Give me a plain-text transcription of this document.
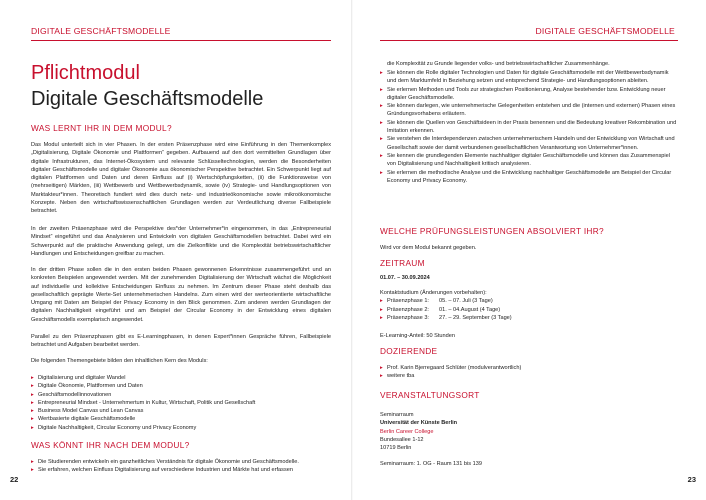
DIGITALE GESCHÄFTSMODELLE
Pflichtmodul
Digitale Geschäftsmodelle
WAS LERNT IHR IN DEM MODUL?

Das Modul unterteilt sich in vier Phasen. In der ersten Präsenzphase wird eine Einführung in den Themenkomplex „Digitalisierung, Digitale Ökonomie und Plattformen“ gegeben. Aufbauend auf den dort vermittelten Grundlagen über digitale Infrastrukturen, das Internet-Ökosystem und relevante Schlüsseltechnologien, werden die Besonderheiten digitaler Geschäftsmodelle und digitaler Ökonomie aus ökonomischer Perspektive betrachtet. Ein Schwerpunkt liegt auf digitalen Plattformen und Daten und deren Einfluss auf (i) Wertschöpfungsketten, (ii) die Funktionsweise von (mehrseitigen) Märkten, (iii) Wettbewerb und Wettbewerbsdynamik, sowie (iv) Strategie- und Handlungsoptionen von Marktakteur*innen. Theoretisch fundiert wird dies durch netz- und industrieökonomische sowie mikroökonomische Konzepte. Neben den wirtschaftswissenschaftlichen Grundlagen werden zur Verdeutlichung diverse Fallbeispiele betrachtet.

In der zweiten Präsenzphase wird die Perspektive des*der Unternehmer*in eingenommen, in das „Entrepreneurial Mindset“ eingeführt und das Analysieren und Entwickeln von digitalen Geschäftsmodellen betrachtet. Dabei wird ein Schwerpunkt auf die praktische Anwendung gelegt, um die Zielkonflikte und die Komplexität betriebswirtschaftlicher Handlungen und Entscheidungen greifbar zu machen.

In der dritten Phase sollen die in den ersten beiden Phasen gewonnenen Erkenntnisse zusammengeführt und an konkreten Beispielen angewendet werden. Mit der zunehmenden Digitalisierung der Wirtschaft wächst die Möglichkeit auf individuelle und kollektive Entscheidungen Einfluss zu nehmen. Im Zentrum dieser Phase steht deshalb das gesellschaftlich geprägte Werte-Set unternehmerischen Handelns. Zum einen wird der werteorientierte wirtschaftliche Umgang mit Daten am Beispiel der Privacy Economy in den Blick genommen. Zum anderen werden Grundlagen der digitalen Nachhaltigkeit eingeführt und am Beispiel der Circular Economy in der Entwicklung eines digitalen Geschäftsmodells exemplarisch angewendet.

Parallel zu den Präsenzphasen gibt es E-Learningphasen, in denen Expert*innen Gespräche führen, Fallbeispiele betrachtet und Aufgaben bearbeitet werden.

Die folgenden Themengebiete bilden den inhaltlichen Kern des Moduls:

▸ Digitalisierung und digitaler Wandel
▸ Digitale Ökonomie, Plattformen und Daten
▸ Geschäftsmodellinnovationen
▸ Entrepreneurial Mindset - Unternehmertum in Kultur, Wirtschaft, Politik und Gesellschaft
▸ Business Model Canvas und Lean Canvas
▸ Wertbasierte digitale Geschäftsmodelle
▸ Digitale Nachhaltigkeit, Circular Economy und Privacy Economy
WAS KÖNNT IHR NACH DEM MODUL?
▸ Die Studierenden entwickeln ein ganzheitliches Verständnis für digitale Ökonomie und Geschäftsmodelle.
▸ Sie erfahren, welchen Einfluss Digitalisierung auf verschiedene Industrien und Märkte hat und erfassen
22
DIGITALE GESCHÄFTSMODELLE
die Komplexität zu Grunde liegender volks- und betriebswirtschaftlicher Zusammenhänge.
▸ Sie können die Rolle digitaler Technologien und Daten für digitale Geschäftsmodelle mit der Wettbewerbsdynamik und dem Marktumfeld in Beziehung setzen und entsprechend Strategie- und Handlungsoptionen ableiten.
▸ Sie erlernen Methoden und Tools zur strategischen Positionierung, Analyse bestehender bzw. Entwicklung neuer digitaler Geschäftsmodelle.
▸ Sie können darlegen, wie unternehmerische Gelegenheiten entstehen und die (internen und externen) Phasen eines Gründungsvorhabens erläutern.
▸ Sie können die Quellen von Geschäftsideen in der Praxis benennen und die Bedeutung kreativer Rekombination und Imitation erkennen.
▸ Sie verstehen die Interdependenzen zwischen unternehmerischem Handeln und der Entwicklung von Wirtschaft und Gesellschaft sowie der damit verbundenen gesellschaftlichen Verantwortung von Unternehmer*innen.
▸ Sie kennen die grundlegenden Elemente nachhaltiger digitaler Geschäftsmodelle und können das Zusammenspiel von Digitalisierung und Nachhaltigkeit kritisch analysieren.
▸ Sie erlernen die methodische Analyse und die Entwicklung nachhaltiger Geschäftsmodelle am Beispiel der Circular Economy und Privacy Economy.
WELCHE PRÜFUNGSLEISTUNGEN ABSOLVIERT IHR?
Wird vor dem Modul bekannt gegeben.
ZEITRAUM
01.07. – 30.09.2024
Kontaktstudium (Änderungen vorbehalten):
▸ Präsenzphase 1:	05. – 07. Juli (3 Tage)
▸ Präsenzphase 2:	01. – 04.August (4 Tage)
▸ Präsenzphase 3:	27. – 29. September (3 Tage)
E-Learning-Anteil: 50 Stunden
DOZIERENDE
▸ Prof. Karin Bjerregaard Schlüter (modulverantwortlich)
▸ weitere tba
VERANSTALTUNGSORT
Seminarraum
Universität der Künste Berlin
Berlin Career College
Bundesallee 1-12
10719 Berlin
Seminarraum: 1. OG - Raum 131 bis 139
23
